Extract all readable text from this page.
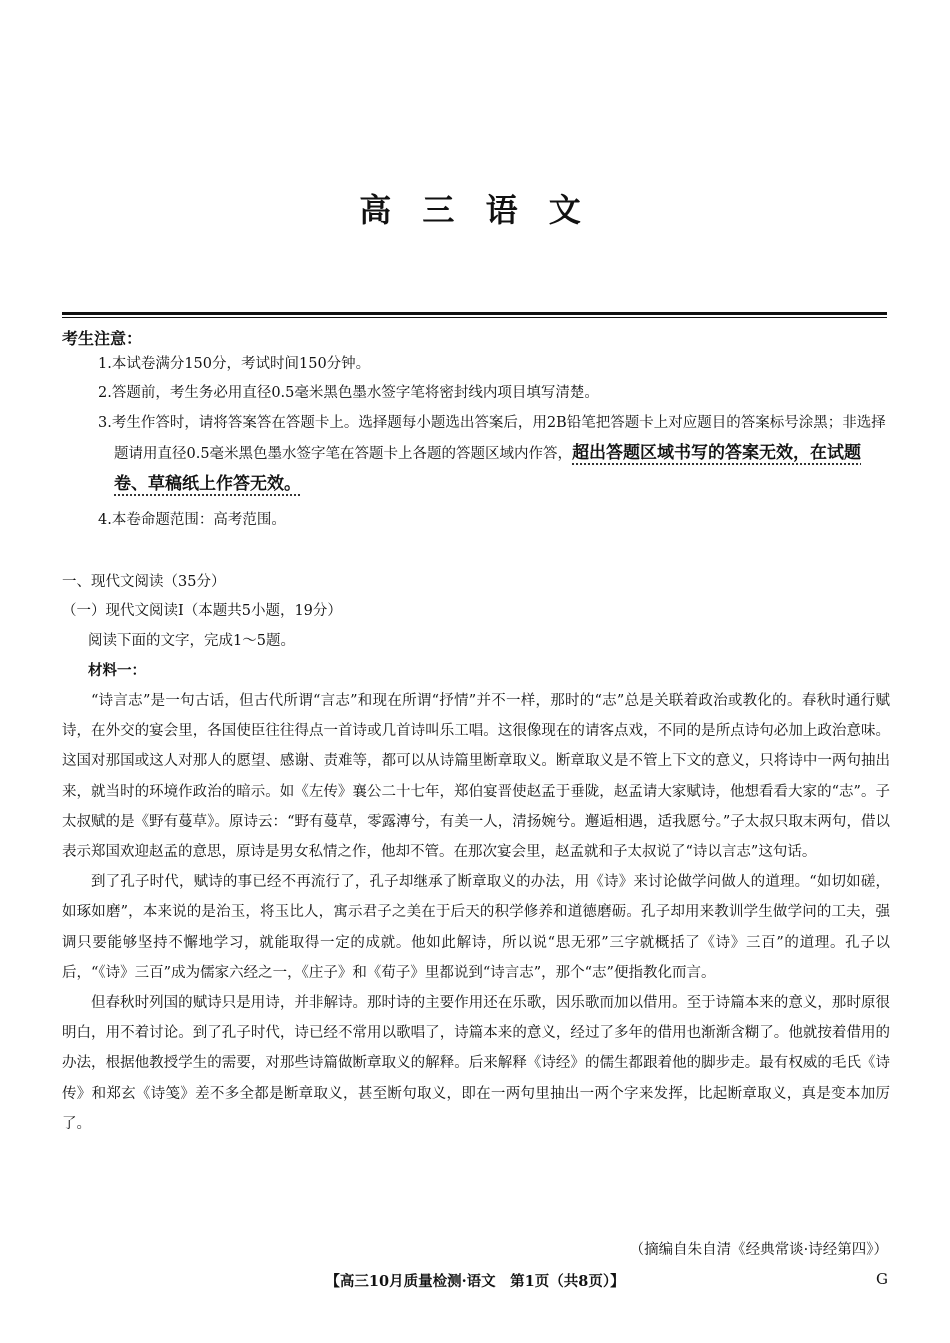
高 三 语 文
考生注意：
1.本试卷满分150分，考试时间150分钟。
2.答题前，考生务必用直径0.5毫米黑色墨水签字笔将密封线内项目填写清楚。
3.考生作答时，请将答案答在答题卡上。选择题每小题选出答案后，用2B铅笔把答题卡上对应题目的答案标号涂黑；非选择题请用直径0.5毫米黑色墨水签字笔在答题卡上各题的答题区域内作答，超出答题区域书写的答案无效，在试题卷、草稿纸上作答无效。
4.本卷命题范围：高考范围。
一、现代文阅读（35分）
（一）现代文阅读Ⅰ（本题共5小题，19分）
阅读下面的文字，完成1～5题。
材料一：

“诗言志”是一句古话，但古代所谓“言志”和现在所谓“抒情”并不一样，那时的“志”总是关联着政治或教化的。春秋时通行赋诗，在外交的宴会里，各国使臣往往得点一首诗或几首诗叫乐工唱。这很像现在的请客点戏，不同的是所点诗句必加上政治意味。这国对那国或这人对那人的愿望、感谢、责难等，都可以从诗篇里断章取义。断章取义是不管上下文的意义，只将诗中一两句抽出来，就当时的环境作政治的暗示。如《左传》襄公二十七年，郑伯宴晋使赵孟于垂陇，赵孟请大家赋诗，他想看看大家的“志”。子太叔赋的是《野有蔓草》。原诗云：“野有蔓草，零露漙兮，有美一人，清扬婉兮。邂逅相遇，适我愿兮。”子太叔只取末两句，借以表示郑国欢迎赵孟的意思，原诗是男女私情之作，他却不管。在那次宴会里，赵孟就和子太叔说了“诗以言志”这句话。

到了孔子时代，赋诗的事已经不再流行了，孔子却继承了断章取义的办法，用《诗》来讨论做学问做人的道理。“如切如磋，如琢如磨”，本来说的是治玉，将玉比人，寓示君子之美在于后天的积学修养和道德磨砺。孔子却用来教训学生做学问的工夫，强调只要能够坚持不懈地学习，就能取得一定的成就。他如此解诗，所以说“思无邪”三字就概括了《诗》三百”的道理。孔子以后，“《诗》三百”成为儒家六经之一，《庄子》和《荀子》里都说到“诗言志”，那个“志”便指教化而言。

但春秋时列国的赋诗只是用诗，并非解诗。那时诗的主要作用还在乐歌，因乐歌而加以借用。至于诗篇本来的意义，那时原很明白，用不着讨论。到了孔子时代，诗已经不常用以歌唱了，诗篇本来的意义，经过了多年的借用也渐渐含糊了。他就按着借用的办法，根据他教授学生的需要，对那些诗篇做断章取义的解释。后来解释《诗经》的儒生都跟着他的脚步走。最有权威的毛氏《诗传》和郑玄《诗笺》差不多全都是断章取义，甚至断句取义，即在一两句里抽出一两个字来发挥，比起断章取义，真是变本加厉了。

（摘编自朱自清《经典常谈·诗经第四》）
【高三10月质量检测·语文　第1页（共8页）】	G
